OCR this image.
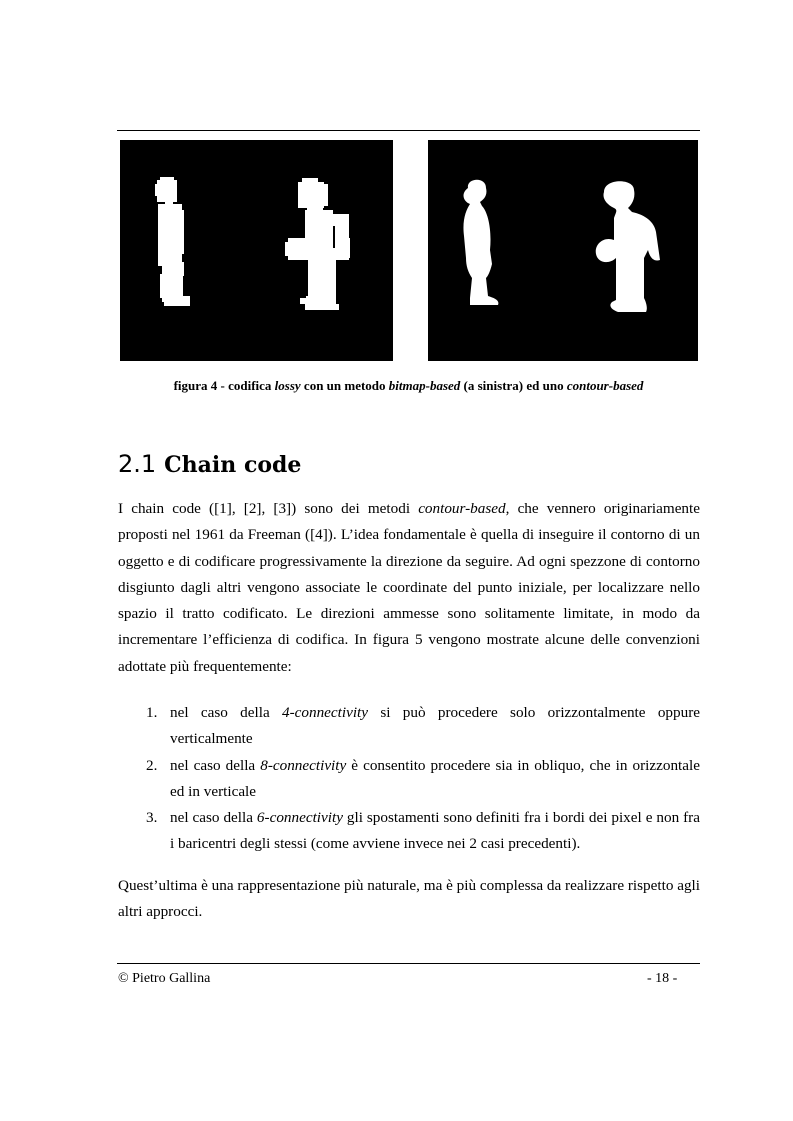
figura 4 - codifica lossy con un metodo bitmap-based (a sinistra) ed uno contour-based
2.1 Chain code

I chain code ([1], [2], [3]) sono dei metodi contour-based, che vennero originariamente proposti nel 1961 da Freeman ([4]). L’idea fondamentale è quella di inseguire il contorno di un oggetto e di codificare progressivamente la direzione da seguire. Ad ogni spezzone di contorno disgiunto dagli altri vengono associate le coordinate del punto iniziale, per localizzare nello spazio il tratto codificato. Le direzioni ammesse sono solitamente limitate, in modo da incrementare l’efficienza di codifica. In figura 5 vengono mostrate alcune delle convenzioni adottate più frequentemente:

1. nel caso della 4-connectivity si può procedere solo orizzontalmente oppure verticalmente
2. nel caso della 8-connectivity è consentito procedere sia in obliquo, che in orizzontale ed in verticale
3. nel caso della 6-connectivity gli spostamenti sono definiti fra i bordi dei pixel e non fra i baricentri degli stessi (come avviene invece nei 2 casi precedenti).

Quest’ultima è una rappresentazione più naturale, ma è più complessa da realizzare rispetto agli altri approcci.

© Pietro Gallina	- 18 -
